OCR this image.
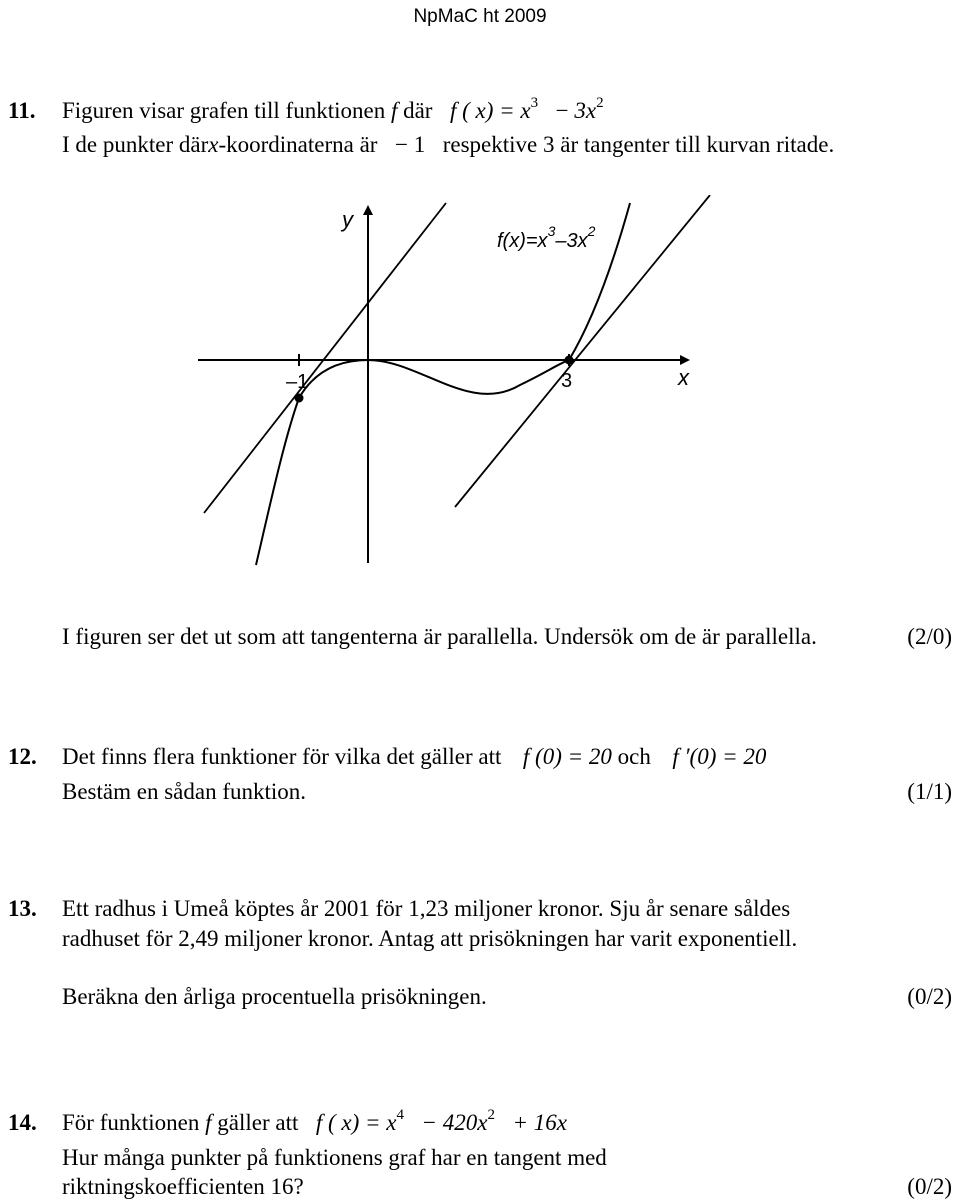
NpMaC ht 2009
11. Figuren visar grafen till funktionen f där f ( $x) = x^3 - 3x^2$
I de punkter därx-koordinaterna är − 1 respektive 3 är tangenter till kurvan ritade.
y
x
–1	3
$f(x)=x^3-3x^2$
I figuren ser det ut som att tangenterna är parallella. Undersök om de är parallella.	(2/0)
12. Det finns flera funktioner för vilka det gäller att f (0) = 20 och f ′(0) = 20
Bestäm en sådan funktion.	(1/1)
13. Ett radhus i Umeå köptes år 2001 för 1,23 miljoner kronor. Sju år senare såldes
radhuset för 2,49 miljoner kronor. Antag att prisökningen har varit exponentiell.
Beräkna den årliga procentuella prisökningen.	(0/2)
14. För funktionen f gäller att f ( $x) = x^4 - 420x^2 + 16x$
Hur många punkter på funktionens graf har en tangent med
riktningskoefficienten 16?	(0/2)
